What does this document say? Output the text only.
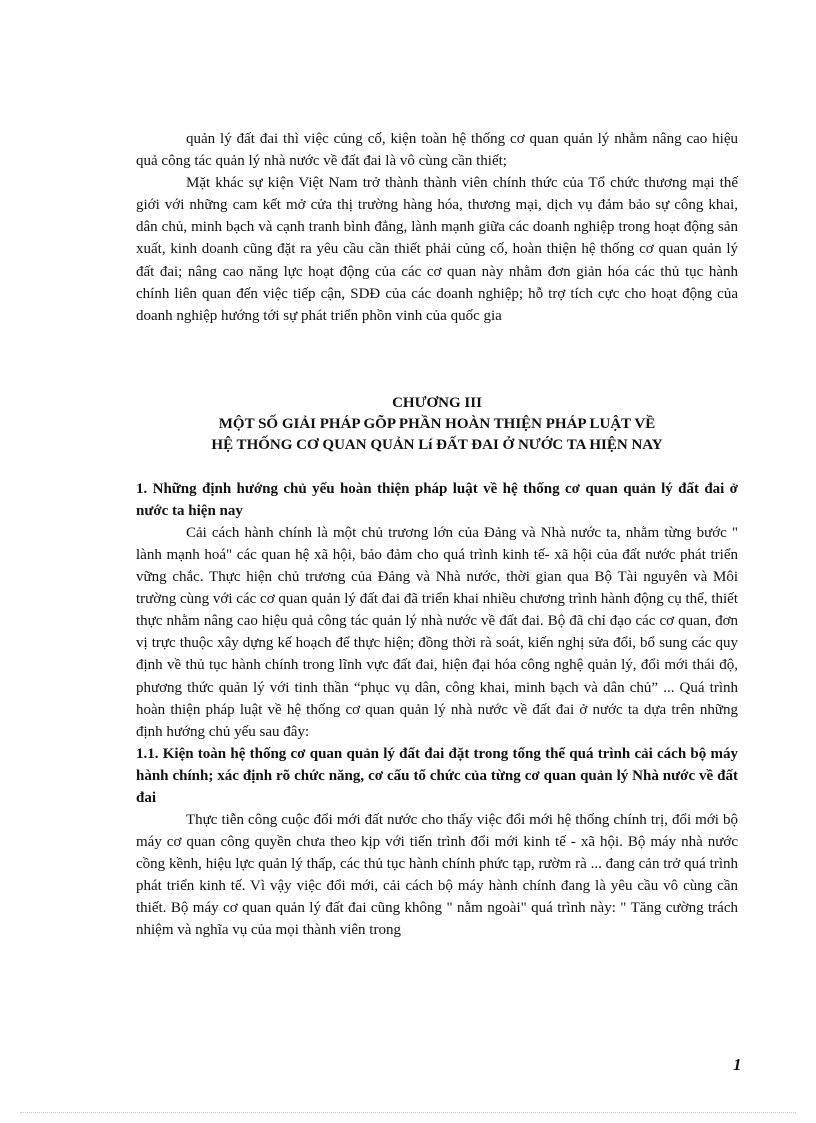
quản lý đất đai thì việc củng cố, kiện toàn hệ thống cơ quan quản lý nhằm nâng cao hiệu quả công tác quản lý nhà nước về đất đai là vô cùng cần thiết;

Mặt khác sự kiện Việt Nam trở thành thành viên chính thức của Tổ chức thương mại thế giới với những cam kết mở cửa thị trường hàng hóa, thương mại, dịch vụ đảm bảo sự công khai, dân chủ, minh bạch và cạnh tranh bình đẳng, lành mạnh giữa các doanh nghiệp trong hoạt động sản xuất, kinh doanh cũng đặt ra yêu cầu cần thiết phải củng cố, hoàn thiện hệ thống cơ quan quản lý đất đai; nâng cao năng lực hoạt động của các cơ quan này nhằm đơn giản hóa các thủ tục hành chính liên quan đến việc tiếp cận, SDĐ của các doanh nghiệp; hỗ trợ tích cực cho hoạt động của doanh nghiệp hướng tới sự phát triển phồn vinh của quốc gia

CHƯƠNG III
MỘT SỐ GIẢI PHÁP GÕP PHẦN HOÀN THIỆN PHÁP LUẬT VỀ
HỆ THỐNG CƠ QUAN QUẢN Lí ĐẤT ĐAI Ở NƯỚC TA HIỆN NAY
1. Những định hướng chủ yếu hoàn thiện pháp luật về hệ thống cơ quan quản lý đất đai ở nước ta hiện nay

Cải cách hành chính là một chủ trương lớn của Đảng và Nhà nước ta, nhằm từng bước " lành mạnh hoá" các quan hệ xã hội, bảo đảm cho quá trình kinh tế- xã hội của đất nước phát triển vững chắc. Thực hiện chủ trương của Đảng và Nhà nước, thời gian qua Bộ Tài nguyên và Môi trường cùng với các cơ quan quản lý đất đai đã triển khai nhiều chương trình hành động cụ thể, thiết thực nhằm nâng cao hiệu quả công tác quản lý nhà nước về đất đai. Bộ đã chỉ đạo các cơ quan, đơn vị trực thuộc xây dựng kế hoạch để thực hiện; đồng thời rà soát, kiến nghị sửa đổi, bổ sung các quy định về thủ tục hành chính trong lĩnh vực đất đai, hiện đại hóa công nghệ quản lý, đổi mới thái độ, phương thức quản lý với tinh thần “phục vụ dân, công khai, minh bạch và dân chủ” ... Quá trình hoàn thiện pháp luật về hệ thống cơ quan quản lý nhà nước về đất đai ở nước ta dựa trên những định hướng chủ yếu sau đây:

1.1. Kiện toàn hệ thống cơ quan quản lý đất đai đặt trong tổng thể quá trình cải cách bộ máy hành chính; xác định rõ chức năng, cơ cấu tổ chức của từng cơ quan quản lý Nhà nước về đất đai

Thực tiễn công cuộc đổi mới đất nước cho thấy việc đổi mới hệ thống chính trị, đổi mới bộ máy cơ quan công quyền chưa theo kịp với tiến trình đổi mới kinh tế - xã hội. Bộ máy nhà nước cồng kềnh, hiệu lực quản lý thấp, các thủ tục hành chính phức tạp, rườm rà ... đang cản trở quá trình phát triển kinh tế. Vì vậy việc đổi mới, cải cách bộ máy hành chính đang là yêu cầu vô cùng cần thiết. Bộ máy cơ quan quản lý đất đai cũng không " nằm ngoài" quá trình này: " Tăng cường trách nhiệm và nghĩa vụ của mọi thành viên trong

1
